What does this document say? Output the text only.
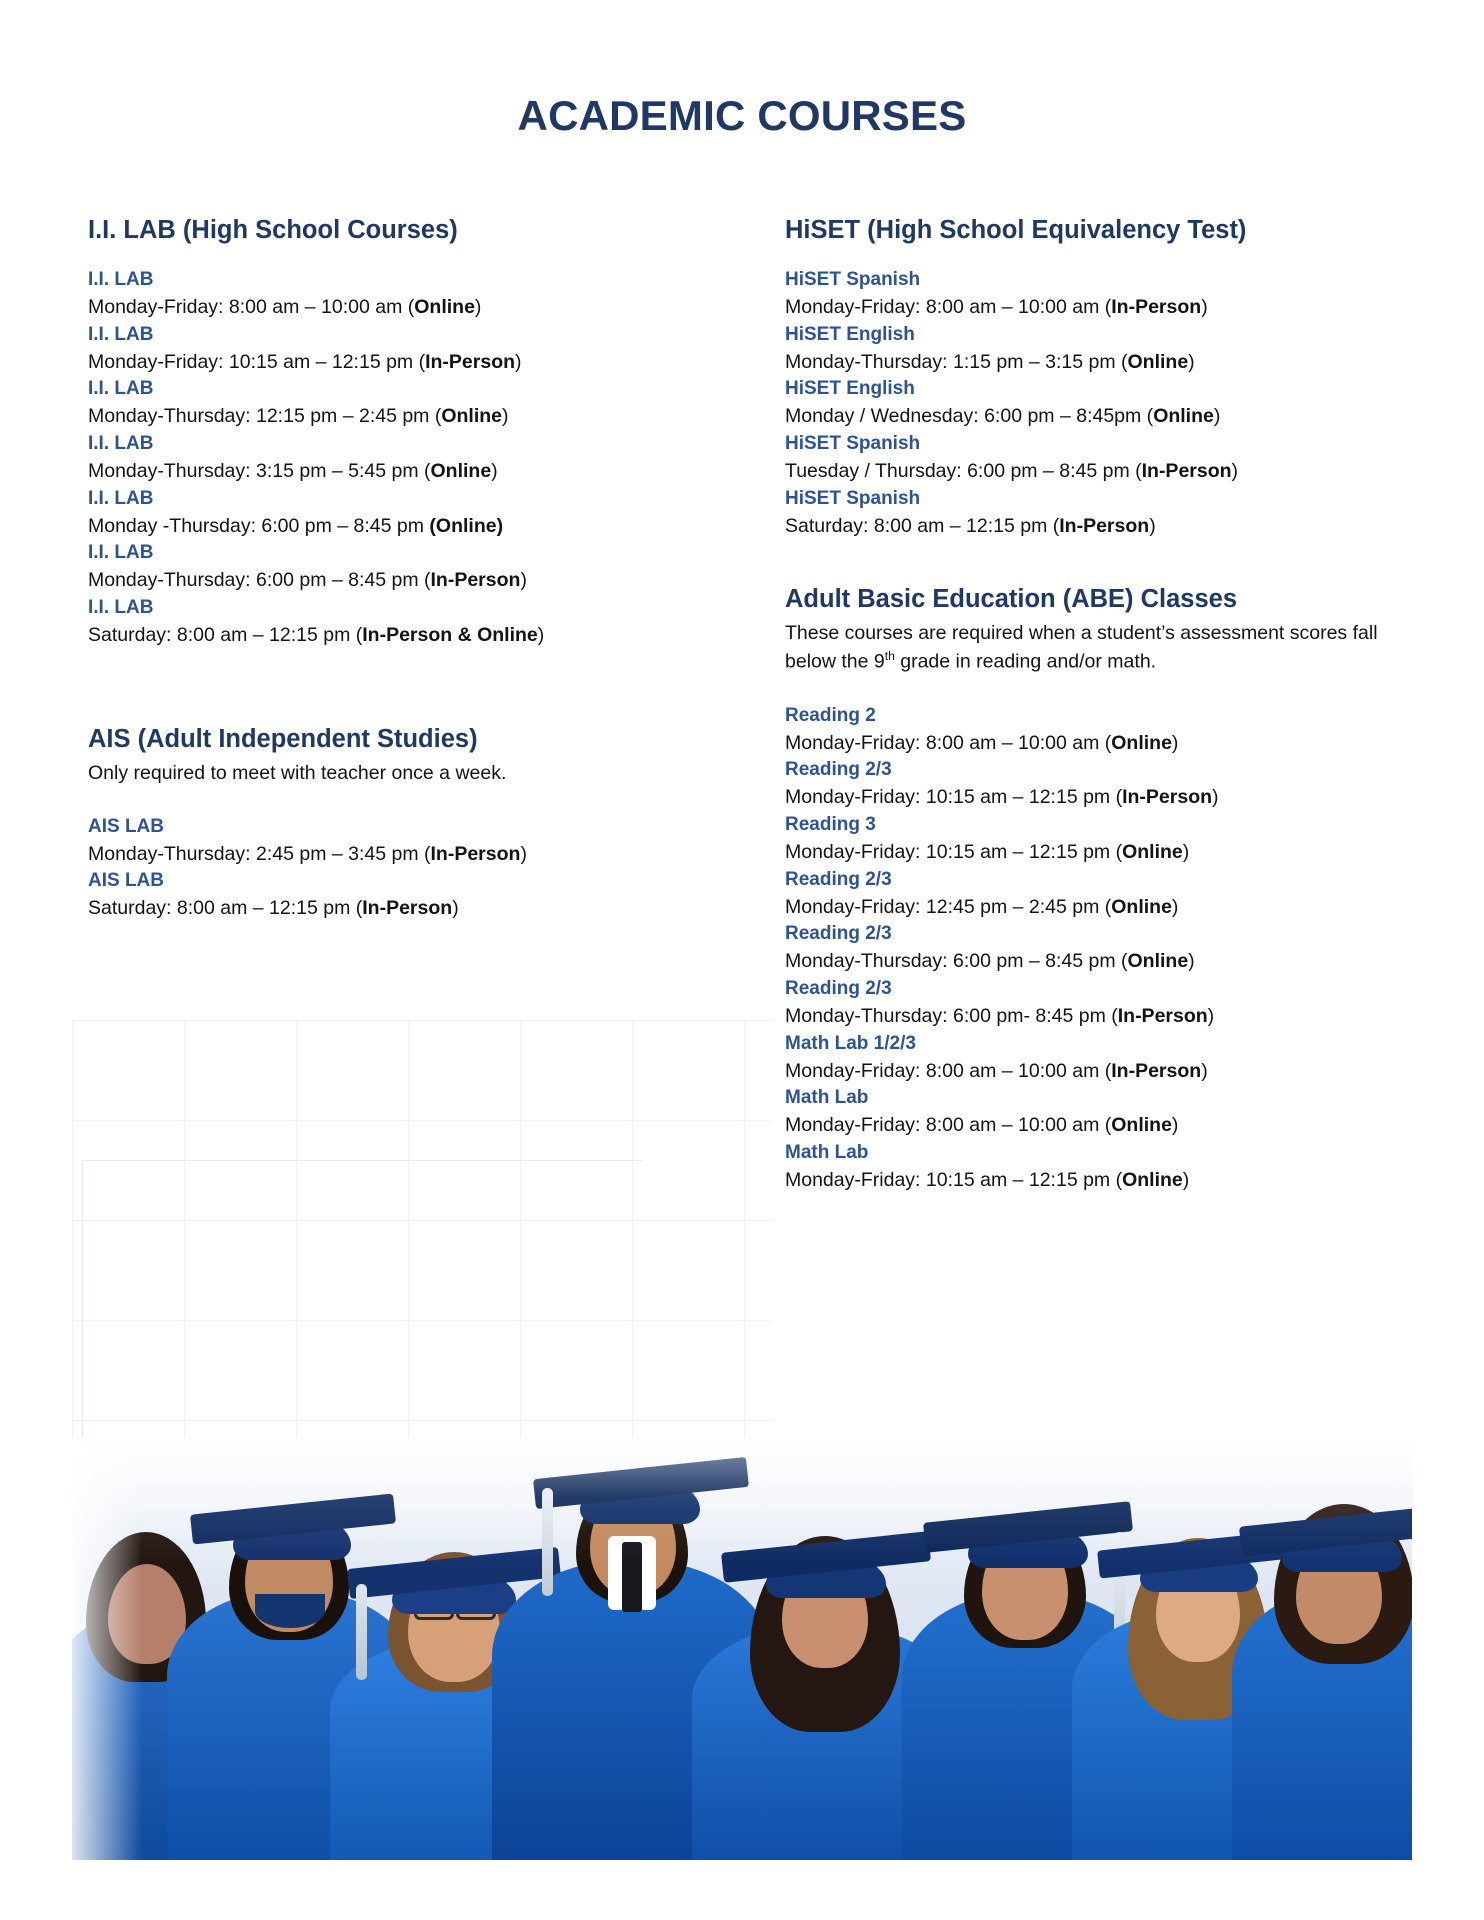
ACADEMIC COURSES
I.I. LAB (High School Courses)
I.I. LAB
Monday-Friday: 8:00 am – 10:00 am (Online)
I.I. LAB
Monday-Friday: 10:15 am – 12:15 pm (In-Person)
I.I. LAB
Monday-Thursday: 12:15 pm – 2:45 pm (Online)
I.I. LAB
Monday-Thursday: 3:15 pm – 5:45 pm (Online)
I.I. LAB
Monday -Thursday: 6:00 pm – 8:45 pm (Online)
I.I. LAB
Monday-Thursday: 6:00 pm – 8:45 pm (In-Person)
I.I. LAB
Saturday: 8:00 am – 12:15 pm (In-Person & Online)
AIS (Adult Independent Studies)
Only required to meet with teacher once a week.
AIS LAB
Monday-Thursday: 2:45 pm – 3:45 pm (In-Person)
AIS LAB
Saturday: 8:00 am – 12:15 pm (In-Person)
HiSET (High School Equivalency Test)
HiSET Spanish
Monday-Friday: 8:00 am – 10:00 am (In-Person)
HiSET English
Monday-Thursday: 1:15 pm – 3:15 pm (Online)
HiSET English
Monday / Wednesday: 6:00 pm – 8:45pm (Online)
HiSET Spanish
Tuesday / Thursday: 6:00 pm – 8:45 pm (In-Person)
HiSET Spanish
Saturday: 8:00 am – 12:15 pm (In-Person)
Adult Basic Education (ABE) Classes
These courses are required when a student’s assessment scores fall below the 9th grade in reading and/or math.
Reading 2
Monday-Friday: 8:00 am – 10:00 am (Online)
Reading 2/3
Monday-Friday: 10:15 am – 12:15 pm (In-Person)
Reading 3
Monday-Friday: 10:15 am – 12:15 pm (Online)
Reading 2/3
Monday-Friday: 12:45 pm – 2:45 pm (Online)
Reading 2/3
Monday-Thursday: 6:00 pm – 8:45 pm (Online)
Reading 2/3
Monday-Thursday: 6:00 pm- 8:45 pm (In-Person)
Math Lab 1/2/3
Monday-Friday: 8:00 am – 10:00 am (In-Person)
Math Lab
Monday-Friday: 8:00 am – 10:00 am (Online)
Math Lab
Monday-Friday: 10:15 am – 12:15 pm (Online)
